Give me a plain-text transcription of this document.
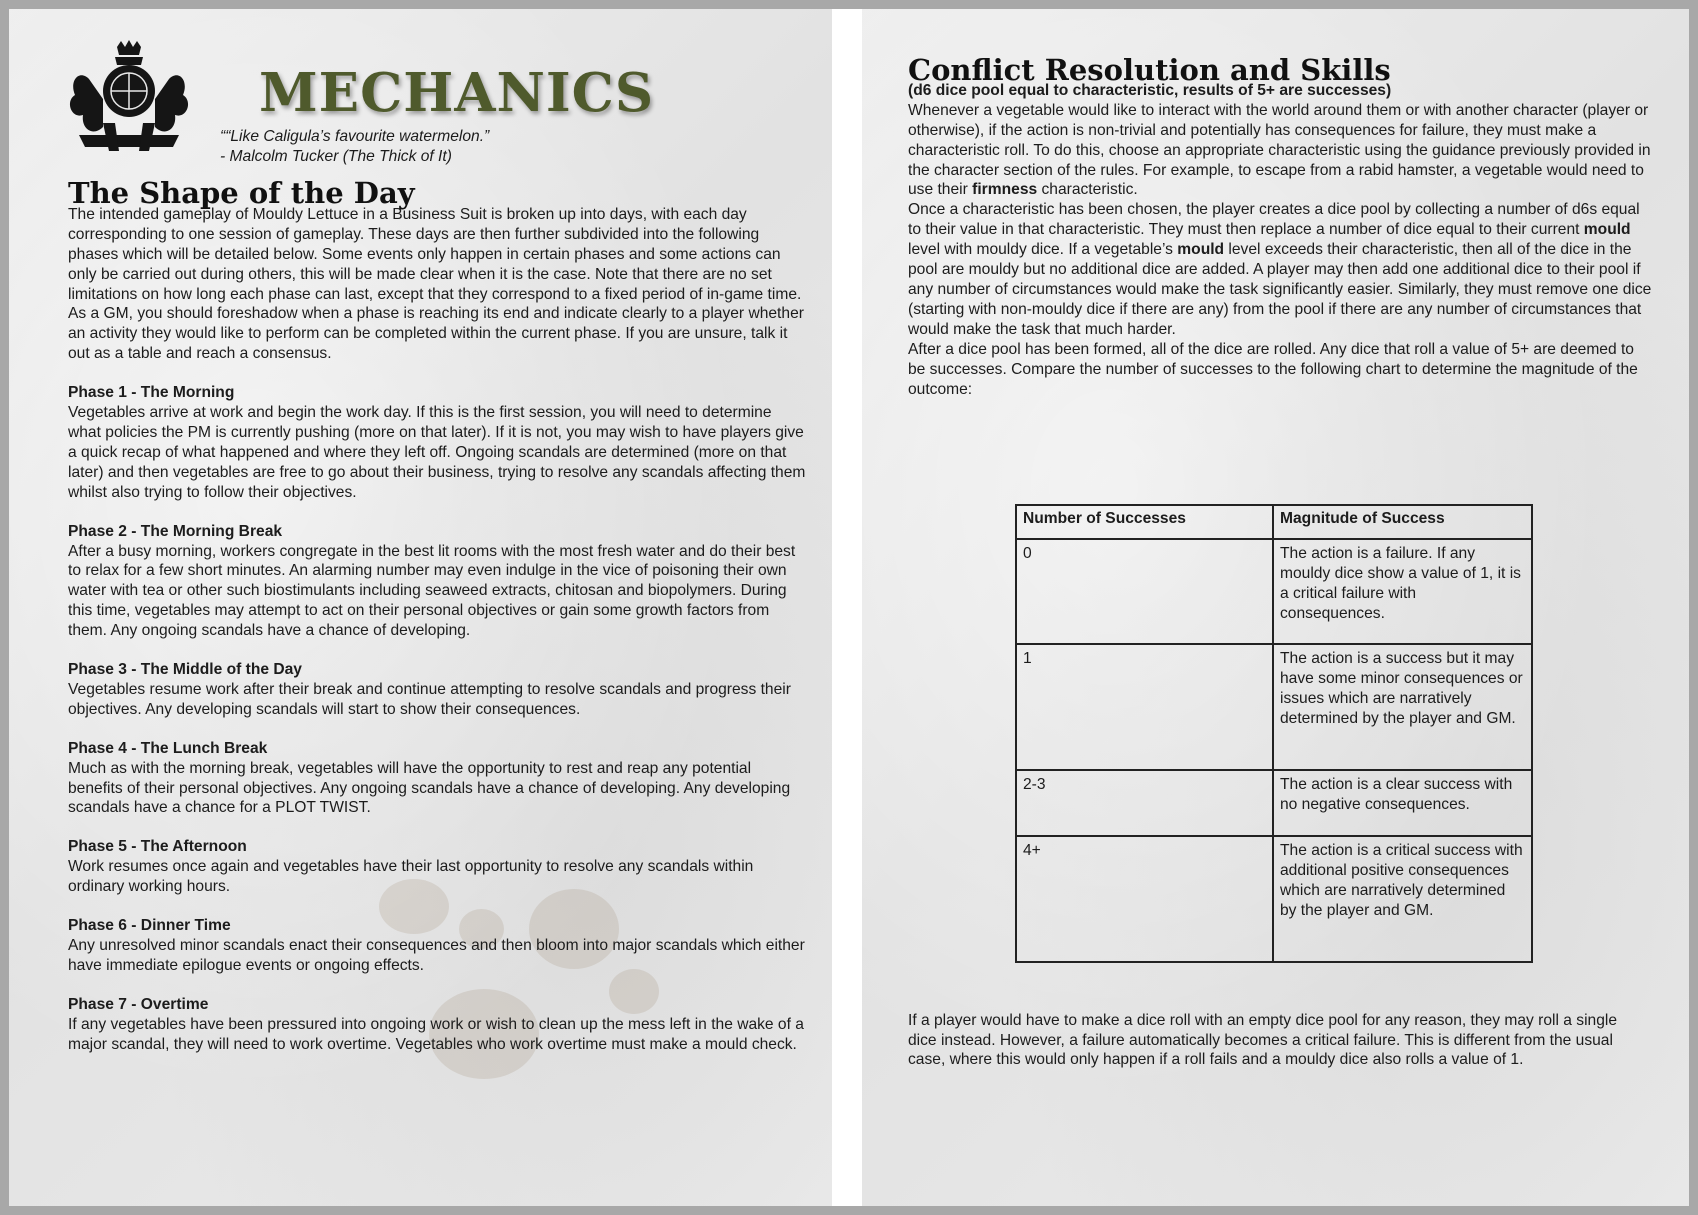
MECHANICS
““Like Caligula’s favourite watermelon.”
- Malcolm Tucker (The Thick of It)
The Shape of the Day

The intended gameplay of Mouldy Lettuce in a Business Suit is broken up into days, with each day corresponding to one session of gameplay. These days are then further subdivided into the following phases which will be detailed below. Some events only happen in certain phases and some actions can only be carried out during others, this will be made clear when it is the case. Note that there are no set limitations on how long each phase can last, except that they correspond to a fixed period of in-game time. As a GM, you should foreshadow when a phase is reaching its end and indicate clearly to a player whether an activity they would like to perform can be completed within the current phase. If you are unsure, talk it out as a table and reach a consensus.

Phase 1 - The Morning

Vegetables arrive at work and begin the work day. If this is the first session, you will need to determine what policies the PM is currently pushing (more on that later). If it is not, you may wish to have players give a quick recap of what happened and where they left off. Ongoing scandals are determined (more on that later) and then vegetables are free to go about their business, trying to resolve any scandals affecting them whilst also trying to follow their objectives.

Phase 2 - The Morning Break

After a busy morning, workers congregate in the best lit rooms with the most fresh water and do their best to relax for a few short minutes. An alarming number may even indulge in the vice of poisoning their own water with tea or other such biostimulants including seaweed extracts, chitosan and biopolymers. During this time, vegetables may attempt to act on their personal objectives or gain some growth factors from them. Any ongoing scandals have a chance of developing.

Phase 3 - The Middle of the Day

Vegetables resume work after their break and continue attempting to resolve scandals and progress their objectives. Any developing scandals will start to show their consequences.

Phase 4 - The Lunch Break

Much as with the morning break, vegetables will have the opportunity to rest and reap any potential benefits of their personal objectives. Any ongoing scandals have a chance of developing. Any developing scandals have a chance for a PLOT TWIST.

Phase 5 - The Afternoon

Work resumes once again and vegetables have their last opportunity to resolve any scandals within ordinary working hours.

Phase 6 - Dinner Time

Any unresolved minor scandals enact their consequences and then bloom into major scandals which either have immediate epilogue events or ongoing effects.

Phase 7 - Overtime

If any vegetables have been pressured into ongoing work or wish to clean up the mess left in the wake of a major scandal, they will need to work overtime. Vegetables who work overtime must make a mould check.

Conflict Resolution and Skills
(d6 dice pool equal to characteristic, results of 5+ are successes)

Whenever a vegetable would like to interact with the world around them or with another character (player or otherwise), if the action is non-trivial and potentially has consequences for failure, they must make a characteristic roll. To do this, choose an appropriate characteristic using the guidance previously provided in the character section of the rules. For example, to escape from a rabid hamster, a vegetable would need to use their firmness characteristic.

Once a characteristic has been chosen, the player creates a dice pool by collecting a number of d6s equal to their value in that characteristic. They must then replace a number of dice equal to their current mould level with mouldy dice. If a vegetable’s mould level exceeds their characteristic, then all of the dice in the pool are mouldy but no additional dice are added. A player may then add one additional dice to their pool if any number of circumstances would make the task significantly easier. Similarly, they must remove one dice (starting with non-mouldy dice if there are any) from the pool if there are any number of circumstances that would make the task that much harder.

After a dice pool has been formed, all of the dice are rolled. Any dice that roll a value of 5+ are deemed to be successes. Compare the number of successes to the following chart to determine the magnitude of the outcome:

Number of Successes	Magnitude of Success
0	The action is a failure. If any mouldy dice show a value of 1, it is a critical failure with consequences.
1	The action is a success but it may have some minor consequences or issues which are narratively determined by the player and GM.
2-3	The action is a clear success with no negative consequences.
4+	The action is a critical success with additional positive consequences which are narratively determined by the player and GM.

If a player would have to make a dice roll with an empty dice pool for any reason, they may roll a single dice instead. However, a failure automatically becomes a critical failure. This is different from the usual case, where this would only happen if a roll fails and a mouldy dice also rolls a value of 1.
